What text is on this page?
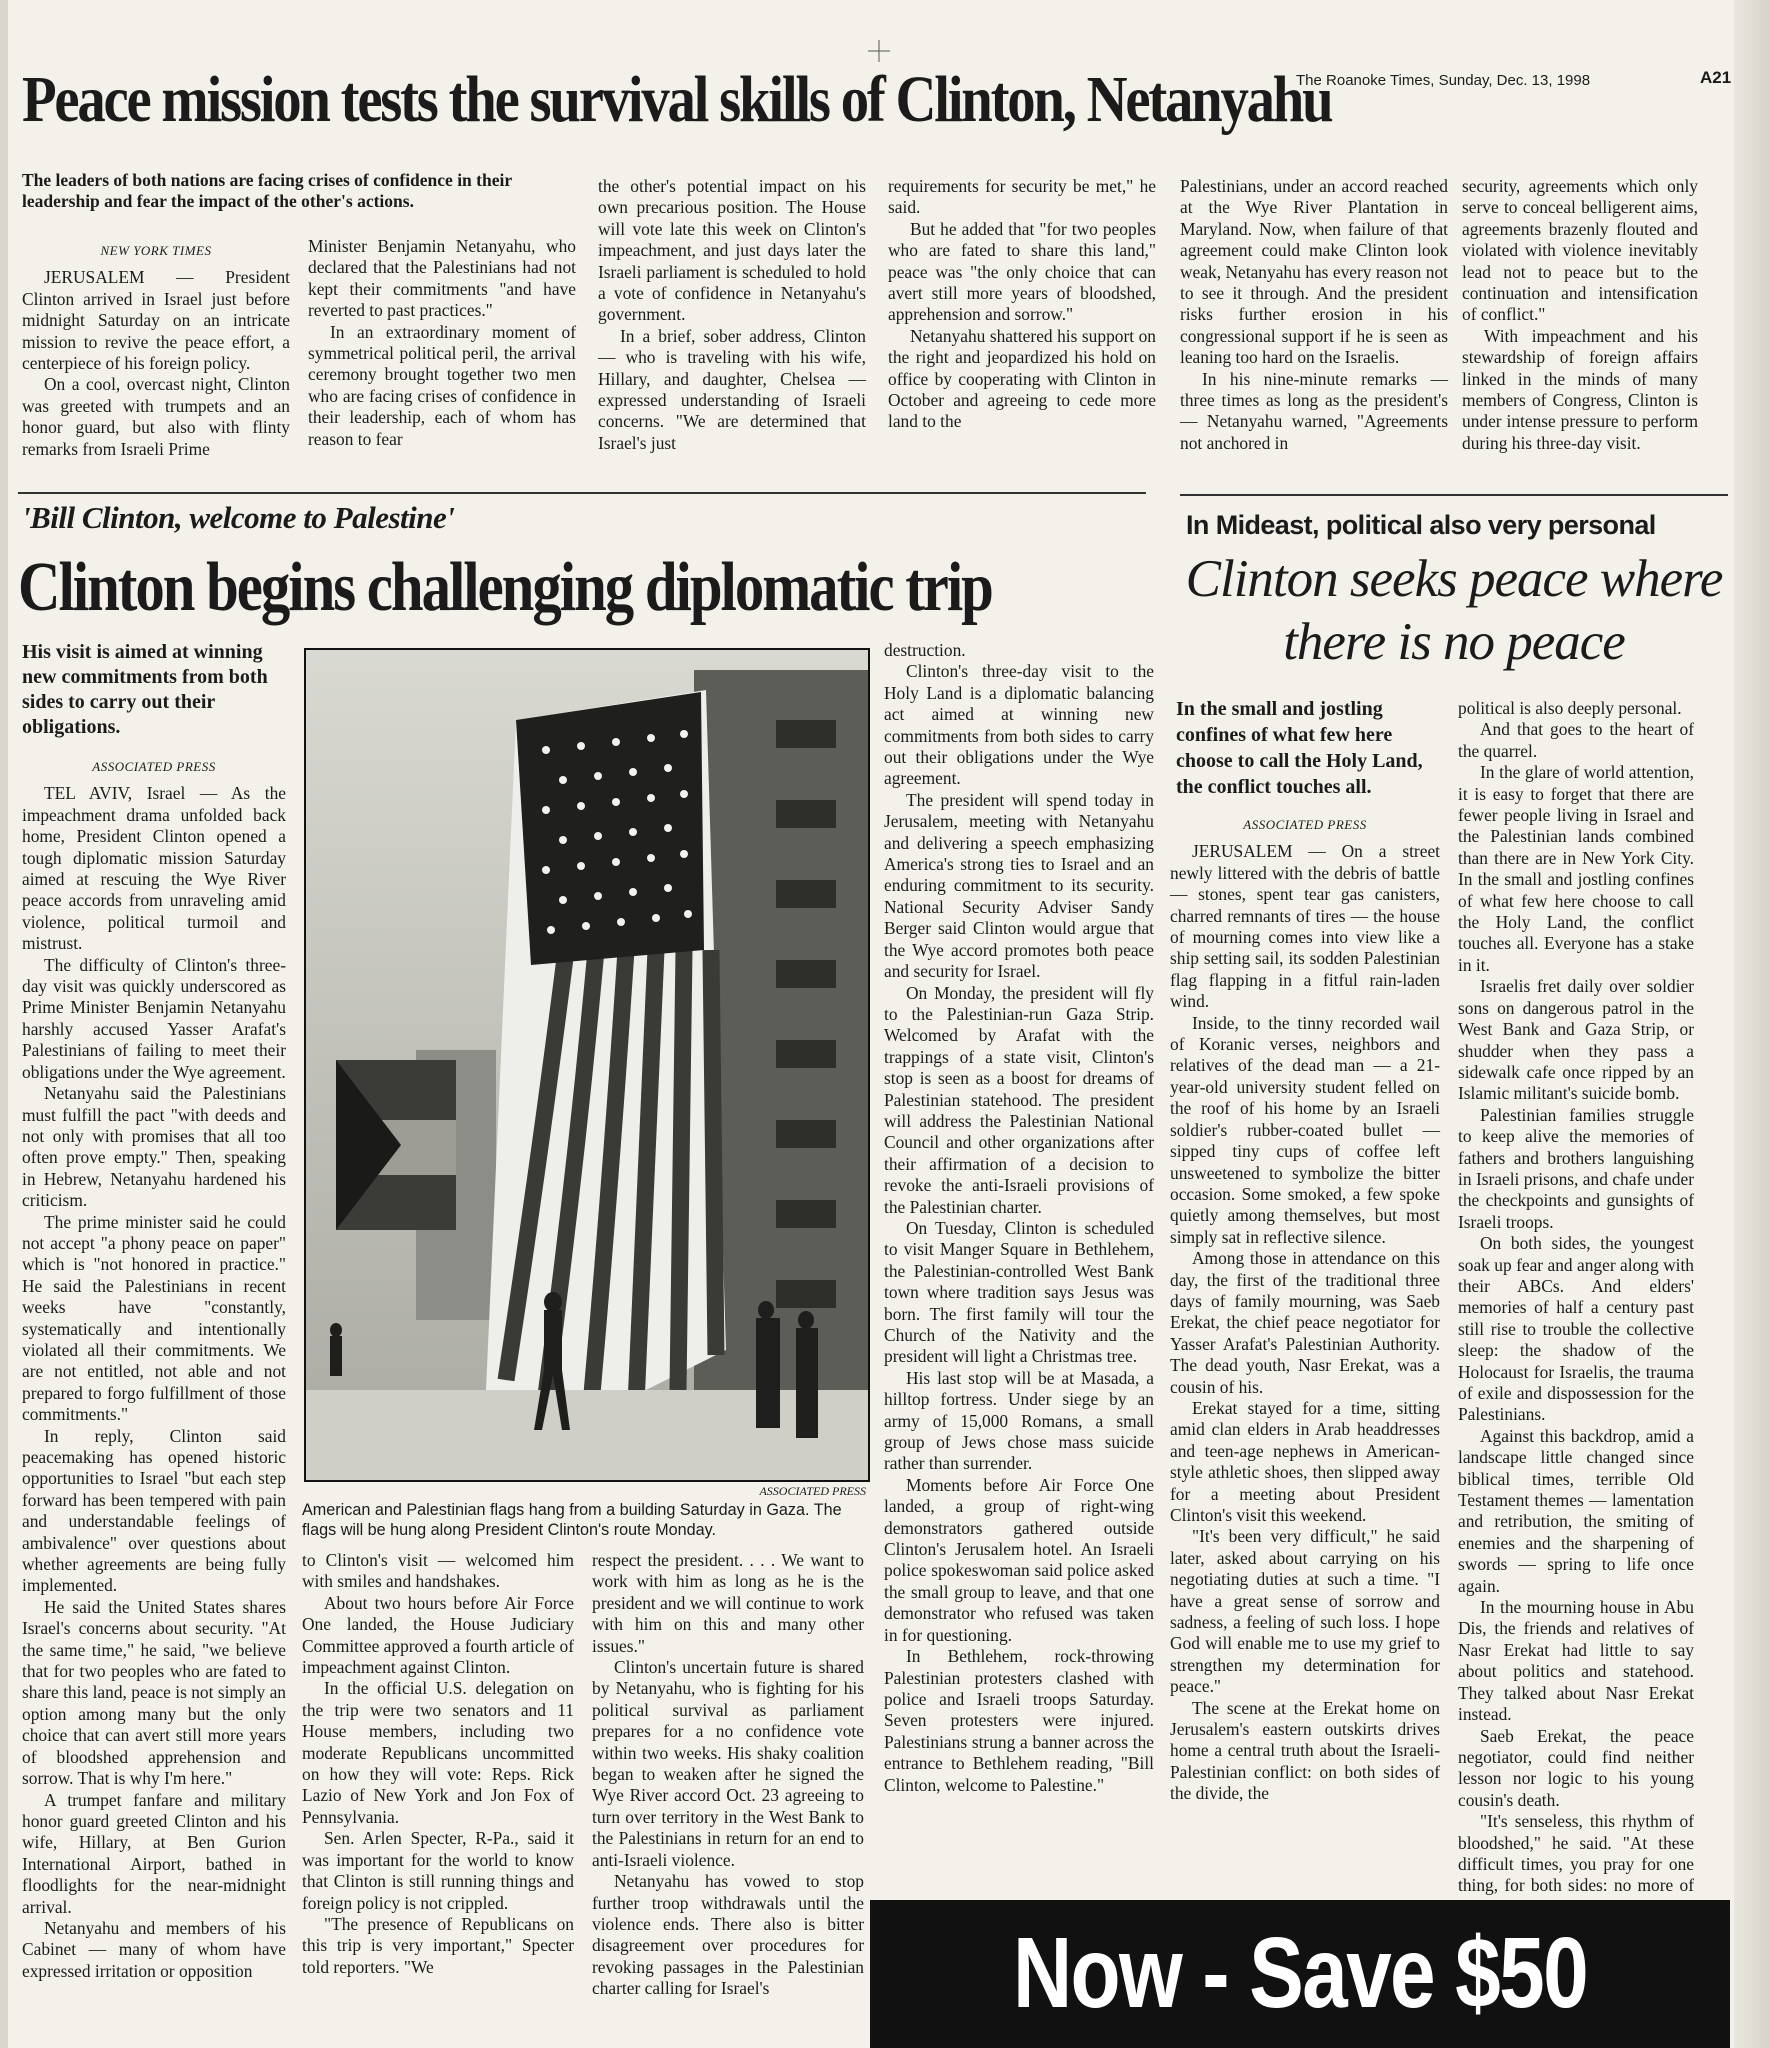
The Roanoke Times, Sunday, Dec. 13, 1998	A21
Peace mission tests the survival skills of Clinton, Netanyahu
The leaders of both nations are facing crises of confidence in their leadership and fear the impact of the other's actions.
NEW YORK TIMES

JERUSALEM — President Clinton arrived in Israel just before midnight Saturday on an intricate mission to revive the peace effort, a centerpiece of his foreign policy.

On a cool, overcast night, Clinton was greeted with trumpets and an honor guard, but also with flinty remarks from Israeli Prime

Minister Benjamin Netanyahu, who declared that the Palestinians had not kept their commitments "and have reverted to past practices."

In an extraordinary moment of symmetrical political peril, the arrival ceremony brought together two men who are facing crises of confidence in their leadership, each of whom has reason to fear

the other's potential impact on his own precarious position. The House will vote late this week on Clinton's impeachment, and just days later the Israeli parliament is scheduled to hold a vote of confidence in Netanyahu's government.

In a brief, sober address, Clinton — who is traveling with his wife, Hillary, and daughter, Chelsea — expressed understanding of Israeli concerns. "We are determined that Israel's just

requirements for security be met," he said.

But he added that "for two peoples who are fated to share this land," peace was "the only choice that can avert still more years of bloodshed, apprehension and sorrow."

Netanyahu shattered his support on the right and jeopardized his hold on office by cooperating with Clinton in October and agreeing to cede more land to the

Palestinians, under an accord reached at the Wye River Plantation in Maryland. Now, when failure of that agreement could make Clinton look weak, Netanyahu has every reason not to see it through. And the president risks further erosion in his congressional support if he is seen as leaning too hard on the Israelis.

In his nine-minute remarks — three times as long as the president's — Netanyahu warned, "Agreements not anchored in

security, agreements which only serve to conceal belligerent aims, agreements brazenly flouted and violated with violence inevitably lead not to peace but to the continuation and intensification of conflict."

With impeachment and his stewardship of foreign affairs linked in the minds of many members of Congress, Clinton is under intense pressure to perform during his three-day visit.

'Bill Clinton, welcome to Palestine'
Clinton begins challenging diplomatic trip
His visit is aimed at winning new commitments from both sides to carry out their obligations.
ASSOCIATED PRESS

TEL AVIV, Israel — As the impeachment drama unfolded back home, President Clinton opened a tough diplomatic mission Saturday aimed at rescuing the Wye River peace accords from unraveling amid violence, political turmoil and mistrust.

The difficulty of Clinton's three-day visit was quickly underscored as Prime Minister Benjamin Netanyahu harshly accused Yasser Arafat's Palestinians of failing to meet their obligations under the Wye agreement.

Netanyahu said the Palestinians must fulfill the pact "with deeds and not only with promises that all too often prove empty." Then, speaking in Hebrew, Netanyahu hardened his criticism.

The prime minister said he could not accept "a phony peace on paper" which is "not honored in practice." He said the Palestinians in recent weeks have "constantly, systematically and intentionally violated all their commitments. We are not entitled, not able and not prepared to forgo fulfillment of those commitments."

In reply, Clinton said peacemaking has opened historic opportunities to Israel "but each step forward has been tempered with pain and understandable feelings of ambivalence" over questions about whether agreements are being fully implemented.

He said the United States shares Israel's concerns about security. "At the same time," he said, "we believe that for two peoples who are fated to share this land, peace is not simply an option among many but the only choice that can avert still more years of bloodshed apprehension and sorrow. That is why I'm here."

A trumpet fanfare and military honor guard greeted Clinton and his wife, Hillary, at Ben Gurion International Airport, bathed in floodlights for the near-midnight arrival.

Netanyahu and members of his Cabinet — many of whom have expressed irritation or opposition

ASSOCIATED PRESS
American and Palestinian flags hang from a building Saturday in Gaza. The flags will be hung along President Clinton's route Monday.

to Clinton's visit — welcomed him with smiles and handshakes.

About two hours before Air Force One landed, the House Judiciary Committee approved a fourth article of impeachment against Clinton.

In the official U.S. delegation on the trip were two senators and 11 House members, including two moderate Republicans uncommitted on how they will vote: Reps. Rick Lazio of New York and Jon Fox of Pennsylvania.

Sen. Arlen Specter, R-Pa., said it was important for the world to know that Clinton is still running things and foreign policy is not crippled.

"The presence of Republicans on this trip is very important," Specter told reporters. "We

respect the president. . . . We want to work with him as long as he is the president and we will continue to work with him on this and many other issues."

Clinton's uncertain future is shared by Netanyahu, who is fighting for his political survival as parliament prepares for a no confidence vote within two weeks. His shaky coalition began to weaken after he signed the Wye River accord Oct. 23 agreeing to turn over territory in the West Bank to the Palestinians in return for an end to anti-Israeli violence.

Netanyahu has vowed to stop further troop withdrawals until the violence ends. There also is bitter disagreement over procedures for revoking passages in the Palestinian charter calling for Israel's

destruction.

Clinton's three-day visit to the Holy Land is a diplomatic balancing act aimed at winning new commitments from both sides to carry out their obligations under the Wye agreement.

The president will spend today in Jerusalem, meeting with Netanyahu and delivering a speech emphasizing America's strong ties to Israel and an enduring commitment to its security. National Security Adviser Sandy Berger said Clinton would argue that the Wye accord promotes both peace and security for Israel.

On Monday, the president will fly to the Palestinian-run Gaza Strip. Welcomed by Arafat with the trappings of a state visit, Clinton's stop is seen as a boost for dreams of Palestinian statehood. The president will address the Palestinian National Council and other organizations after their affirmation of a decision to revoke the anti-Israeli provisions of the Palestinian charter.

On Tuesday, Clinton is scheduled to visit Manger Square in Bethlehem, the Palestinian-controlled West Bank town where tradition says Jesus was born. The first family will tour the Church of the Nativity and the president will light a Christmas tree.

His last stop will be at Masada, a hilltop fortress. Under siege by an army of 15,000 Romans, a small group of Jews chose mass suicide rather than surrender.

Moments before Air Force One landed, a group of right-wing demonstrators gathered outside Clinton's Jerusalem hotel. An Israeli police spokeswoman said police asked the small group to leave, and that one demonstrator who refused was taken in for questioning.

In Bethlehem, rock-throwing Palestinian protesters clashed with police and Israeli troops Saturday. Seven protesters were injured. Palestinians strung a banner across the entrance to Bethlehem reading, "Bill Clinton, welcome to Palestine."

In Mideast, political also very personal
Clinton seeks peace where there is no peace
In the small and jostling confines of what few here choose to call the Holy Land, the conflict touches all.
ASSOCIATED PRESS

JERUSALEM — On a street newly littered with the debris of battle — stones, spent tear gas canisters, charred remnants of tires — the house of mourning comes into view like a ship setting sail, its sodden Palestinian flag flapping in a fitful rain-laden wind.

Inside, to the tinny recorded wail of Koranic verses, neighbors and relatives of the dead man — a 21-year-old university student felled on the roof of his home by an Israeli soldier's rubber-coated bullet — sipped tiny cups of coffee left unsweetened to symbolize the bitter occasion. Some smoked, a few spoke quietly among themselves, but most simply sat in reflective silence.

Among those in attendance on this day, the first of the traditional three days of family mourning, was Saeb Erekat, the chief peace negotiator for Yasser Arafat's Palestinian Authority. The dead youth, Nasr Erekat, was a cousin of his.

Erekat stayed for a time, sitting amid clan elders in Arab headdresses and teen-age nephews in American-style athletic shoes, then slipped away for a meeting about President Clinton's visit this weekend.

"It's been very difficult," he said later, asked about carrying on his negotiating duties at such a time. "I have a great sense of sorrow and sadness, a feeling of such loss. I hope God will enable me to use my grief to strengthen my determination for peace."

The scene at the Erekat home on Jerusalem's eastern outskirts drives home a central truth about the Israeli-Palestinian conflict: on both sides of the divide, the

political is also deeply personal.

And that goes to the heart of the quarrel.

In the glare of world attention, it is easy to forget that there are fewer people living in Israel and the Palestinian lands combined than there are in New York City. In the small and jostling confines of what few here choose to call the Holy Land, the conflict touches all. Everyone has a stake in it.

Israelis fret daily over soldier sons on dangerous patrol in the West Bank and Gaza Strip, or shudder when they pass a sidewalk cafe once ripped by an Islamic militant's suicide bomb.

Palestinian families struggle to keep alive the memories of fathers and brothers languishing in Israeli prisons, and chafe under the checkpoints and gunsights of Israeli troops.

On both sides, the youngest soak up fear and anger along with their ABCs. And elders' memories of half a century past still rise to trouble the collective sleep: the shadow of the Holocaust for Israelis, the trauma of exile and dispossession for the Palestinians.

Against this backdrop, amid a landscape little changed since biblical times, terrible Old Testament themes — lamentation and retribution, the smiting of enemies and the sharpening of swords — spring to life once again.

In the mourning house in Abu Dis, the friends and relatives of Nasr Erekat had little to say about politics and statehood. They talked about Nasr Erekat instead.

Saeb Erekat, the peace negotiator, could find neither lesson nor logic to his young cousin's death.

"It's senseless, this rhythm of bloodshed," he said. "At these difficult times, you pray for one thing, for both sides: no more of

Now - Save $50
